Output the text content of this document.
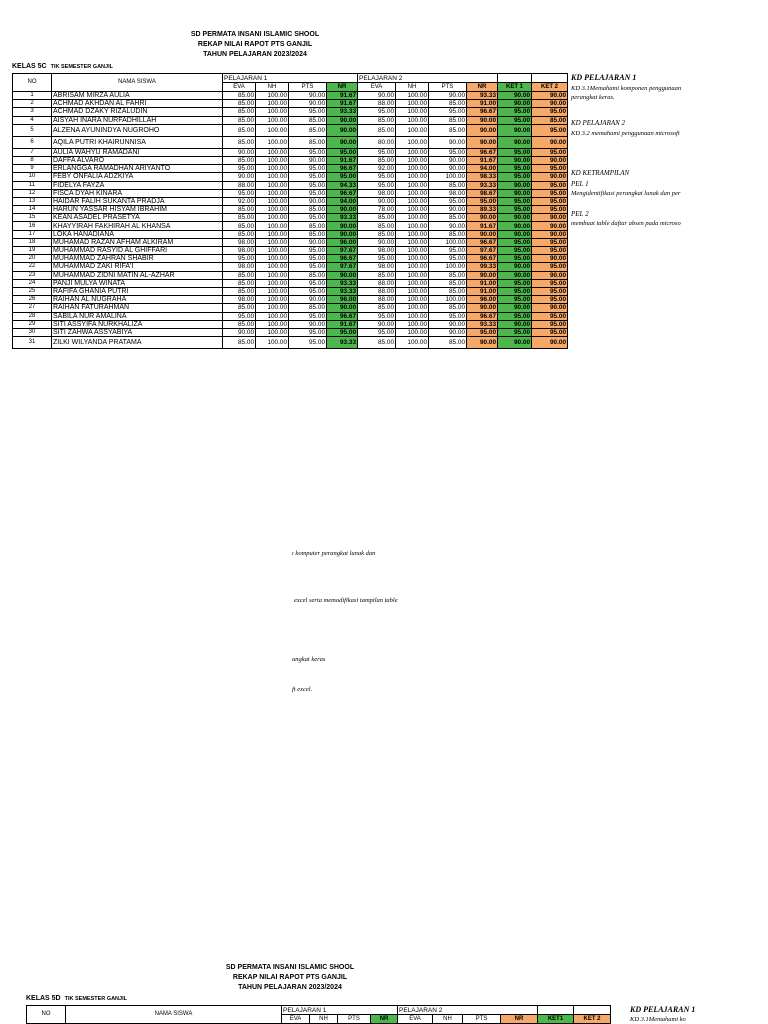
SD PERMATA INSANI ISLAMIC SHOOL
REKAP NILAI RAPOT PTS GANJIL
TAHUN PELAJARAN 2023/2024
KELAS 5C TIK SEMESTER GANJIL
NO	NAMA SISWA	PELAJARAN 1				PELAJARAN 2					
		EVA	NH	PTS	NR	EVA	NH	PTS	NR	KET 1	KET 2
1	ABRISAM MIRZA AULIA	85.00	100.00	90.00	91.67	90.00	100.00	90.00	93.33	90.00	90.00
2	ACHMAD AKHDAN AL FAHRI	85.00	100.00	90.00	91.67	88.00	100.00	85.00	91.00	90.00	90.00
3	ACHMAD DZAKY RIZALUDIN	85.00	100.00	95.00	93.33	95.00	100.00	95.00	96.67	95.00	95.00
4	AISYAH INARA NURFADHILLAH	85.00	100.00	85.00	90.00	85.00	100.00	85.00	90.00	95.00	85.00
5	ALZENA AYUNINDYA NUGROHO	85.00	100.00	85.00	90.00	85.00	100.00	85.00	90.00	90.00	95.00
6	AQILA PUTRI KHAIRUNNISA	85.00	100.00	85.00	90.00	80.00	100.00	90.00	90.00	90.00	90.00
7	AULIA WAHYU RAMADANI	90.00	100.00	95.00	95.00	95.00	100.00	95.00	96.67	95.00	95.00
8	DAFFA ALVARO	85.00	100.00	90.00	91.67	85.00	100.00	90.00	91.67	90.00	90.00
9	ERLANGGA RAMADHAN ARIYANTO	95.00	100.00	95.00	96.67	92.00	100.00	90.00	94.00	95.00	95.00
10	FEBY ONFALIA ADZKIYA	90.00	100.00	95.00	95.00	95.00	100.00	100.00	98.33	95.00	90.00
11	FIDELYA FAYZA	88.00	100.00	95.00	94.33	95.00	100.00	85.00	93.33	90.00	95.00
12	FISCA DYAH KINARA	95.00	100.00	95.00	96.67	98.00	100.00	98.00	98.67	90.00	95.00
13	HAIDAR FALIH SUKANTA PRADJA	92.00	100.00	90.00	94.00	90.00	100.00	95.00	95.00	95.00	95.00
14	HARUN YASSAR HISYAM IBRAHIM	85.00	100.00	85.00	90.00	78.00	100.00	90.00	89.33	95.00	95.00
15	KEAN ASADEL PRASETYA	85.00	100.00	95.00	93.33	85.00	100.00	85.00	90.00	90.00	90.00
16	KHAYYIRAH FAKHIRAH AL KHANSA	85.00	100.00	85.00	90.00	85.00	100.00	90.00	91.67	90.00	90.00
17	LOKA HANADIANA	85.00	100.00	85.00	90.00	85.00	100.00	85.00	90.00	90.00	90.00
18	MUHAMAD RAZAN AFHAM ALKIRAM	98.00	100.00	90.00	96.00	90.00	100.00	100.00	96.67	95.00	95.00
19	MUHAMMAD RASYID AL GHIFFARI	98.00	100.00	95.00	97.67	98.00	100.00	95.00	97.67	95.00	95.00
20	MUHAMMAD ZAHRAN SHABIR	95.00	100.00	95.00	96.67	95.00	100.00	95.00	96.67	95.00	90.00
22	MUHAMMAD ZAKI RIFA'I	98.00	100.00	95.00	97.67	98.00	100.00	100.00	99.33	90.00	95.00
23	MUHAMMAD ZIDNI MATIN AL-AZHAR	85.00	100.00	85.00	90.00	85.00	100.00	85.00	90.00	90.00	90.00
24	PANJI MULYA WINATA	85.00	100.00	95.00	93.33	88.00	100.00	85.00	91.00	95.00	95.00
25	RAFIFA GHANIA PUTRI	85.00	100.00	95.00	93.33	88.00	100.00	85.00	91.00	95.00	95.00
26	RAIHAN AL NUGRAHA	98.00	100.00	90.00	96.00	88.00	100.00	100.00	96.00	95.00	95.00
27	RAIHAN FATURAHMAN	85.00	100.00	85.00	90.00	85.00	100.00	85.00	90.00	90.00	90.00
28	SABILA NUR AMALINA	95.00	100.00	95.00	96.67	95.00	100.00	95.00	96.67	95.00	95.00
29	SITI ASSYIFA NURKHALIZA	85.00	100.00	90.00	91.67	90.00	100.00	90.00	93.33	90.00	95.00
30	SITI ZAHWA ASSYABIYA	90.00	100.00	95.00	95.00	95.00	100.00	90.00	95.00	95.00	95.00
31	ZILKI WILYANDA PRATAMA	85.00	100.00	95.00	93.33	85.00	100.00	85.00	90.00	90.00	90.00
KD PELAJARAN 1
KD 3.1Memahami komponen penggunaan
perangkat keras.
KD PELAJARAN 2
KD 3.2 memahami penggunaan microsoft
KD KETRAMPILAN
PEL 1
Mengidentifikasi perangkat lunak dan per
PEL 2
membuat table daftar absen pada microso
ı komputer perangkat lunak dan
excel serta memodifikasi tampilan table
angkat keras
ft excel.
SD PERMATA INSANI ISLAMIC SHOOL
REKAP NILAI RAPOT PTS GANJIL
TAHUN PELAJARAN 2023/2024
KELAS 5D TIK SEMESTER GANJIL
NO	NAMA SISWA	PELAJARAN 1				PELAJARAN 2					
		EVA	NH	PTS	NR	EVA	NH	PTS	NR	KET1	KET 2
KD PELAJARAN 1
KD 3.1Memahami ko
